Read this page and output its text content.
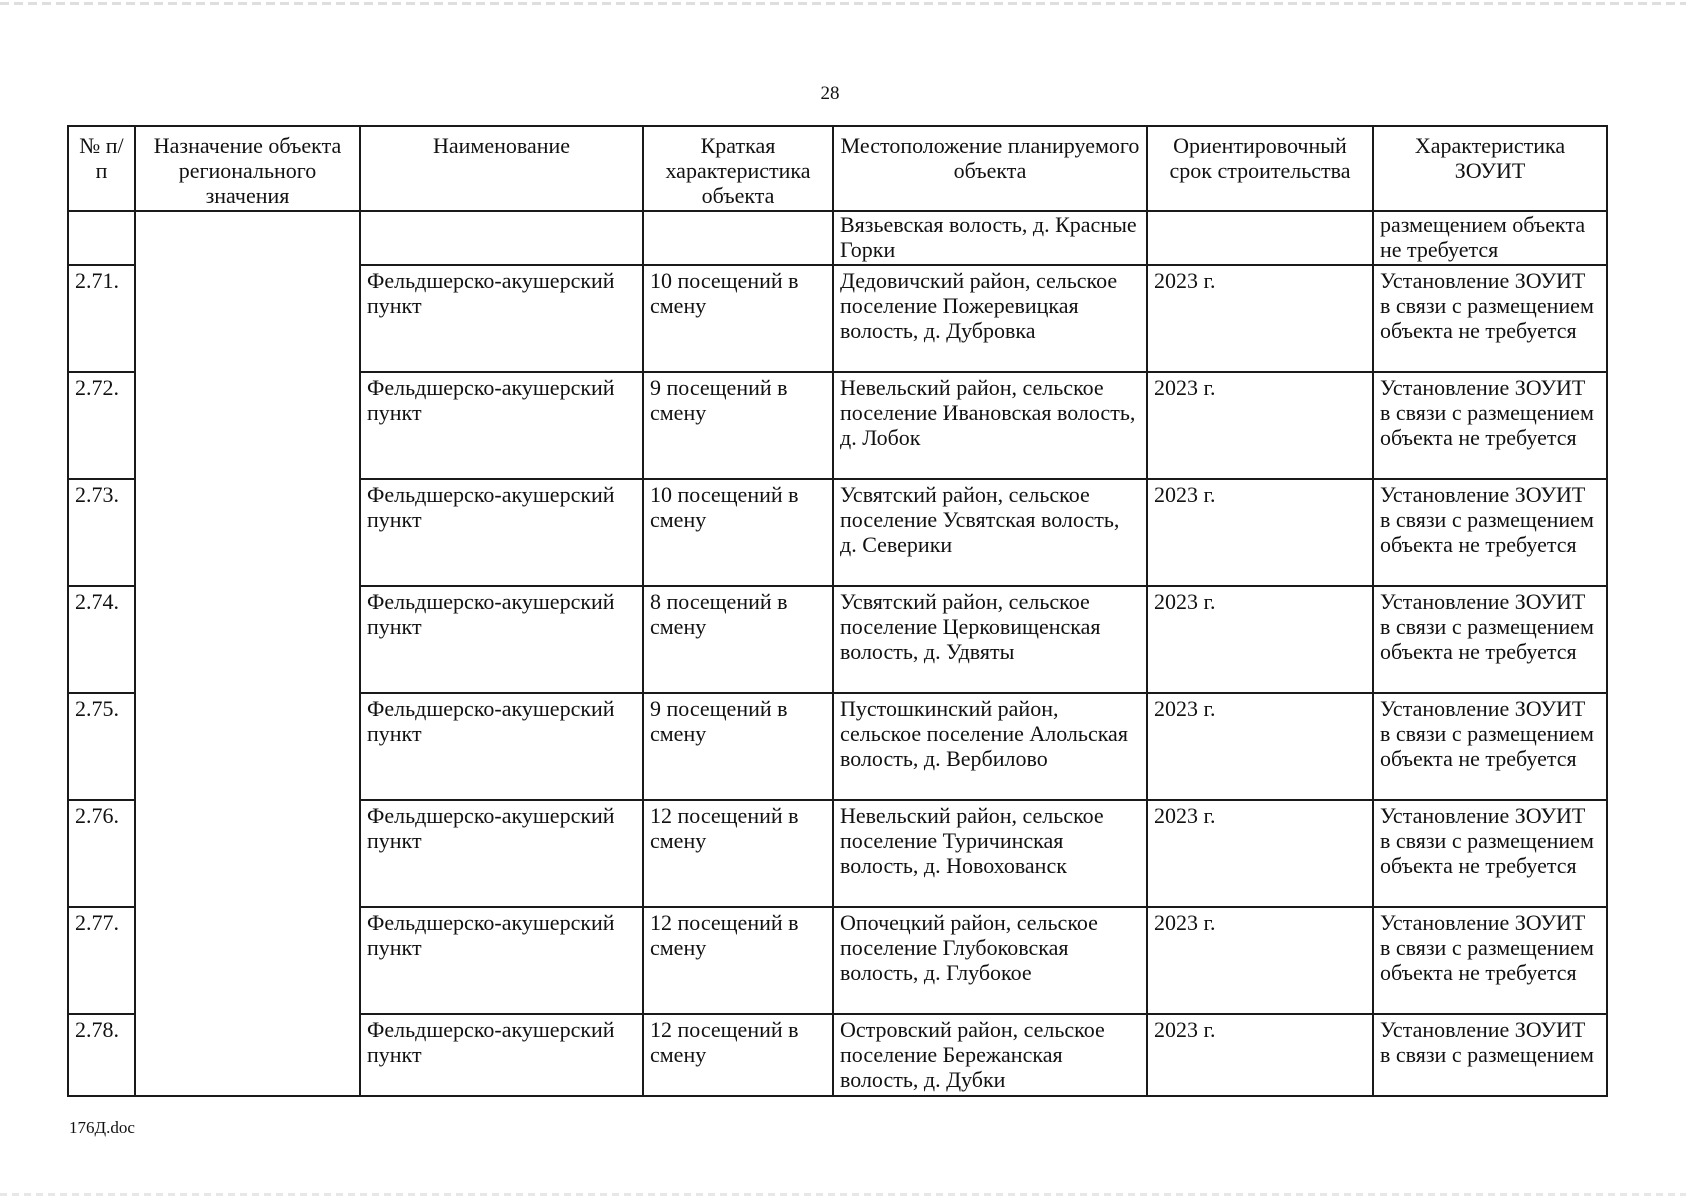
28
№ п/п	Назначение объекта регионального значения	Наименование	Краткая характеристика объекта	Местоположение планируемого объекта	Ориентировочный срок строительства	Характеристика ЗОУИТ
				Вязьевская волость, д. Красные Горки		размещением объекта не требуется
2.71.		Фельдшерско-акушерский пункт	10 посещений в смену	Дедовичский район, сельское поселение Пожеревицкая волость, д. Дубровка	2023 г.	Установление ЗОУИТ в связи с размещением объекта не требуется
2.72.		Фельдшерско-акушерский пункт	9 посещений в смену	Невельский район, сельское поселение Ивановская волость, д. Лобок	2023 г.	Установление ЗОУИТ в связи с размещением объекта не требуется
2.73.		Фельдшерско-акушерский пункт	10 посещений в смену	Усвятский район, сельское поселение Усвятская волость, д. Северики	2023 г.	Установление ЗОУИТ в связи с размещением объекта не требуется
2.74.		Фельдшерско-акушерский пункт	8 посещений в смену	Усвятский район, сельское поселение Церковищенская волость, д. Удвяты	2023 г.	Установление ЗОУИТ в связи с размещением объекта не требуется
2.75.		Фельдшерско-акушерский пункт	9 посещений в смену	Пустошкинский район, сельское поселение Алольская волость, д. Вербилово	2023 г.	Установление ЗОУИТ в связи с размещением объекта не требуется
2.76.		Фельдшерско-акушерский пункт	12 посещений в смену	Невельский район, сельское поселение Туричинская волость, д. Новохованск	2023 г.	Установление ЗОУИТ в связи с размещением объекта не требуется
2.77.		Фельдшерско-акушерский пункт	12 посещений в смену	Опочецкий район, сельское поселение Глубоковская волость, д. Глубокое	2023 г.	Установление ЗОУИТ в связи с размещением объекта не требуется
2.78.		Фельдшерско-акушерский пункт	12 посещений в смену	Островский район, сельское поселение Бережанская волость, д. Дубки	2023 г.	Установление ЗОУИТ в связи с размещением
176Д.doc
